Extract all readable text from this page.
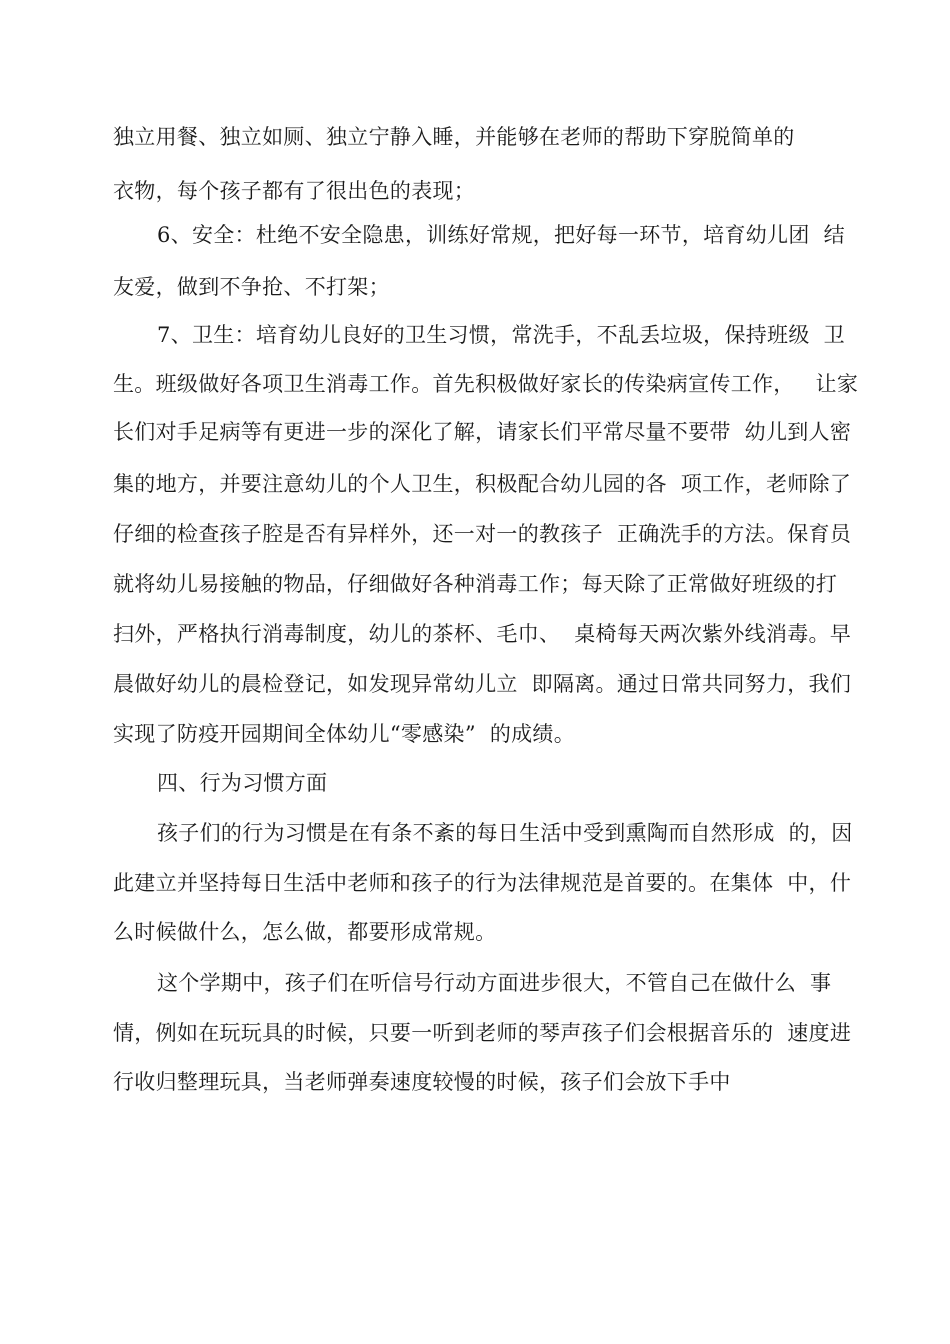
独立用餐、独立如厕、独立宁静入睡，并能够在老师的帮助下穿脱简单的
衣物，每个孩子都有了很出色的表现；
6、安全：杜绝不安全隐患，训练好常规，把好每一环节，培育幼儿团  结
友爱，做到不争抢、不打架；
7、卫生：培育幼儿良好的卫生习惯，常洗手，不乱丢垃圾，保持班级  卫
生。班级做好各项卫生消毒工作。首先积极做好家长的传染病宣传工作，   让家
长们对手足病等有更进一步的深化了解，请家长们平常尽量不要带  幼儿到人密
集的地方，并要注意幼儿的个人卫生，积极配合幼儿园的各  项工作，老师除了
仔细的检查孩子腔是否有异样外，还一对一的教孩子  正确洗手的方法。保育员
就将幼儿易接触的物品，仔细做好各种消毒工作；每天除了正常做好班级的打
扫外，严格执行消毒制度，幼儿的茶杯、毛巾、  桌椅每天两次紫外线消毒。早
晨做好幼儿的晨检登记，如发现异常幼儿立  即隔离。通过日常共同努力，我们
实现了防疫开园期间全体幼儿“零感染”  的成绩。
四、行为习惯方面
孩子们的行为习惯是在有条不紊的每日生活中受到熏陶而自然形成  的，因
此建立并坚持每日生活中老师和孩子的行为法律规范是首要的。在集体  中，什
么时候做什么，怎么做，都要形成常规。
这个学期中，孩子们在听信号行动方面进步很大，不管自己在做什么  事
情，例如在玩玩具的时候，只要一听到老师的琴声孩子们会根据音乐的  速度进
行收归整理玩具，当老师弹奏速度较慢的时候，孩子们会放下手中
